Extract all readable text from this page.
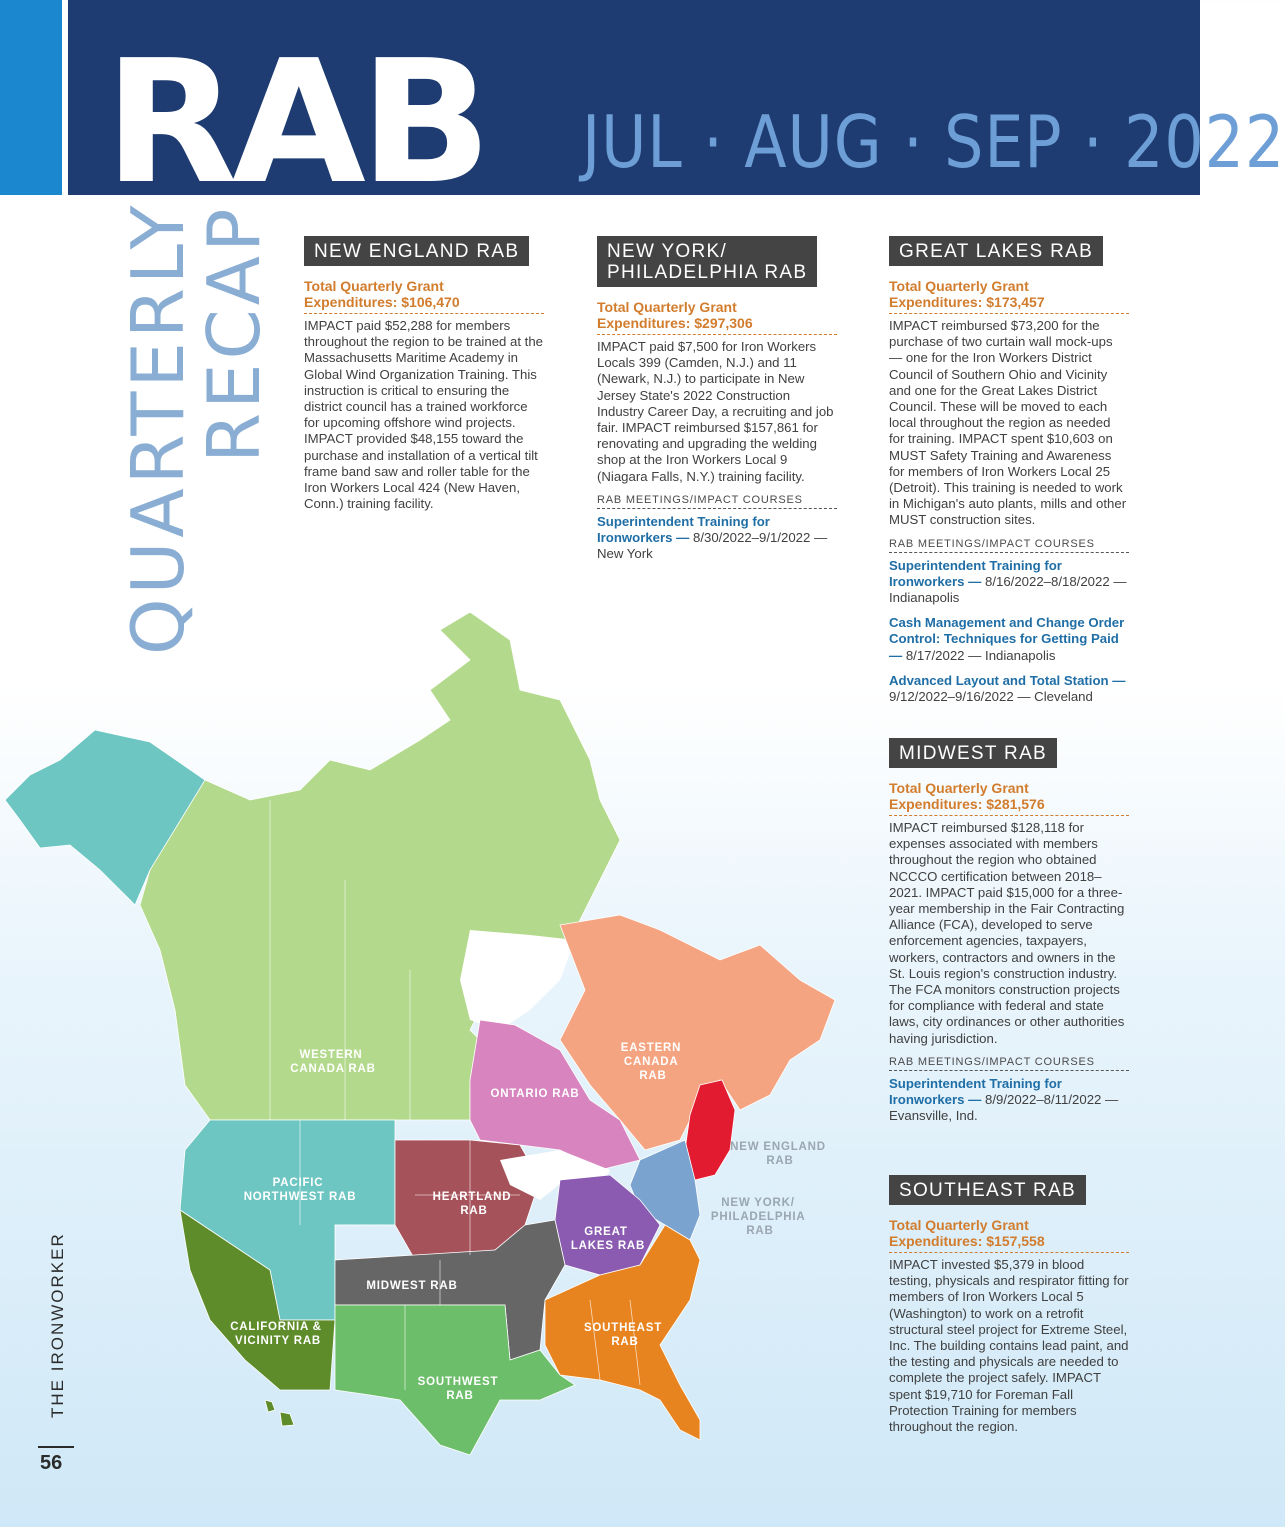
RAB JUL · AUG · SEP · 2022
QUARTERLY
RECAP
THE IRONWORKER
56
WESTERN CANADA RAB
ONTARIO RAB
EASTERN CANADA RAB
NEW ENGLAND RAB
NEW YORK/ PHILADELPHIA RAB
PACIFIC NORTHWEST RAB	HEARTLAND RAB
GREAT LAKES RAB
MIDWEST RAB
CALIFORNIA & VICINITY RAB
SOUTHEAST RAB
SOUTHWEST RAB
NEW ENGLAND RAB
Total Quarterly Grant
Expenditures: $106,470
IMPACT paid $52,288 for members throughout the region to be trained at the Massachusetts Maritime Academy in Global Wind Organization Training. This instruction is critical to ensuring the district council has a trained workforce for upcoming offshore wind projects. IMPACT provided $48,155 toward the purchase and installation of a vertical tilt frame band saw and roller table for the Iron Workers Local 424 (New Haven, Conn.) training facility.
NEW YORK/
PHILADELPHIA RAB
Total Quarterly Grant
Expenditures: $297,306
IMPACT paid $7,500 for Iron Workers Locals 399 (Camden, N.J.) and 11 (Newark, N.J.) to participate in New Jersey State's 2022 Construction Industry Career Day, a recruiting and job fair. IMPACT reimbursed $157,861 for renovating and upgrading the welding shop at the Iron Workers Local 9 (Niagara Falls, N.Y.) training facility.
RAB MEETINGS/IMPACT COURSES
Superintendent Training for Ironworkers — 8/30/2022–9/1/2022 — New York
GREAT LAKES RAB
Total Quarterly Grant
Expenditures: $173,457
IMPACT reimbursed $73,200 for the purchase of two curtain wall mock-ups — one for the Iron Workers District Council of Southern Ohio and Vicinity and one for the Great Lakes District Council. These will be moved to each local throughout the region as needed for training. IMPACT spent $10,603 on MUST Safety Training and Awareness for members of Iron Workers Local 25 (Detroit). This training is needed to work in Michigan's auto plants, mills and other MUST construction sites.
RAB MEETINGS/IMPACT COURSES
Superintendent Training for Ironworkers — 8/16/2022–8/18/2022 — Indianapolis
Cash Management and Change Order Control: Techniques for Getting Paid — 8/17/2022 — Indianapolis
Advanced Layout and Total Station — 9/12/2022–9/16/2022 — Cleveland
MIDWEST RAB
Total Quarterly Grant
Expenditures: $281,576
IMPACT reimbursed $128,118 for expenses associated with members throughout the region who obtained NCCCO certification between 2018–2021. IMPACT paid $15,000 for a three-year membership in the Fair Contracting Alliance (FCA), developed to serve enforcement agencies, taxpayers, workers, contractors and owners in the St. Louis region's construction industry. The FCA monitors construction projects for compliance with federal and state laws, city ordinances or other authorities having jurisdiction.
RAB MEETINGS/IMPACT COURSES
Superintendent Training for Ironworkers — 8/9/2022–8/11/2022 — Evansville, Ind.
SOUTHEAST RAB
Total Quarterly Grant
Expenditures: $157,558
IMPACT invested $5,379 in blood testing, physicals and respirator fitting for members of Iron Workers Local 5 (Washington) to work on a retrofit structural steel project for Extreme Steel, Inc. The building contains lead paint, and the testing and physicals are needed to complete the project safely. IMPACT spent $19,710 for Foreman Fall Protection Training for members throughout the region.
